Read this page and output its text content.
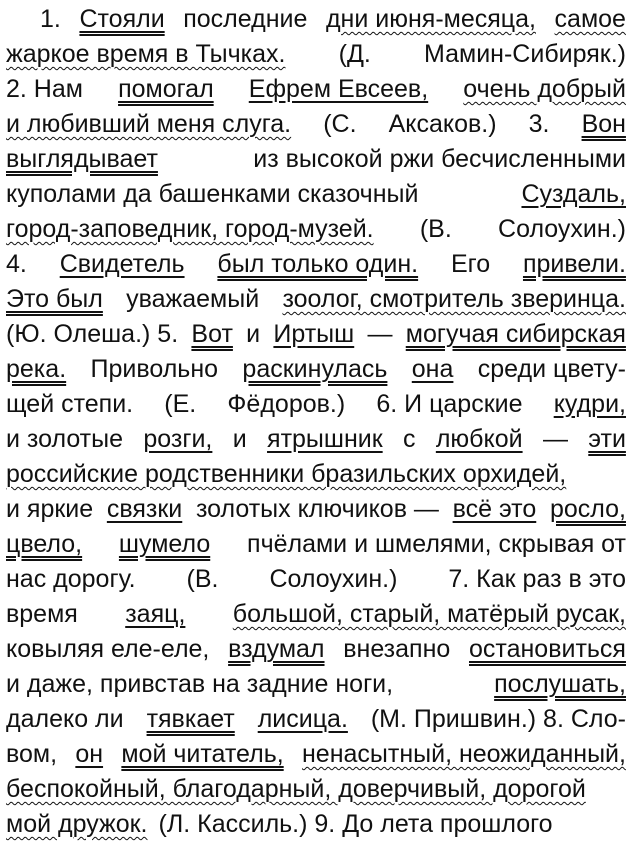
1. Стояли последние дни июня-месяца, самое
жаркое время в Тычках. (Д. Мамин-Сибиряк.)
2. Нам помогал Ефрем Евсеев, очень добрый
и любивший меня слуга. (С. Аксаков.) 3. Вон
выглядывает	из высокой ржи бесчисленными
куполами да башенками сказочный	Суздаль,
город-заповедник, город-музей. (В. Солоухин.)
4. Свидетель был только один. Его привели.
Это был уважаемый зоолог, смотритель зверинца.
(Ю. Олеша.) 5. Вот и Иртыш — могучая сибирская
река. Привольно раскинулась она среди цвету-
щей степи. (Е. Фёдоров.) 6. И царские кудри,
и золотые розги, и ятрышник с любкой — эти
российские родственники бразильских орхидей,
и яркие связки золотых ключиков — всё это росло,
цвело, шумело пчёлами и шмелями, скрывая от
нас дорогу. (В. Солоухин.) 7. Как раз в это
время заяц, большой, старый, матёрый русак,
ковыляя еле-еле, вздумал внезапно остановиться
и даже, привстав на задние ноги,	послушать,
далеко ли тявкает лисица. (М. Пришвин.) 8. Сло-
вом, он мой читатель, ненасытный, неожиданный,
беспокойный, благодарный, доверчивый, дорогой
мой дружок. (Л. Кассиль.) 9. До лета прошлого
